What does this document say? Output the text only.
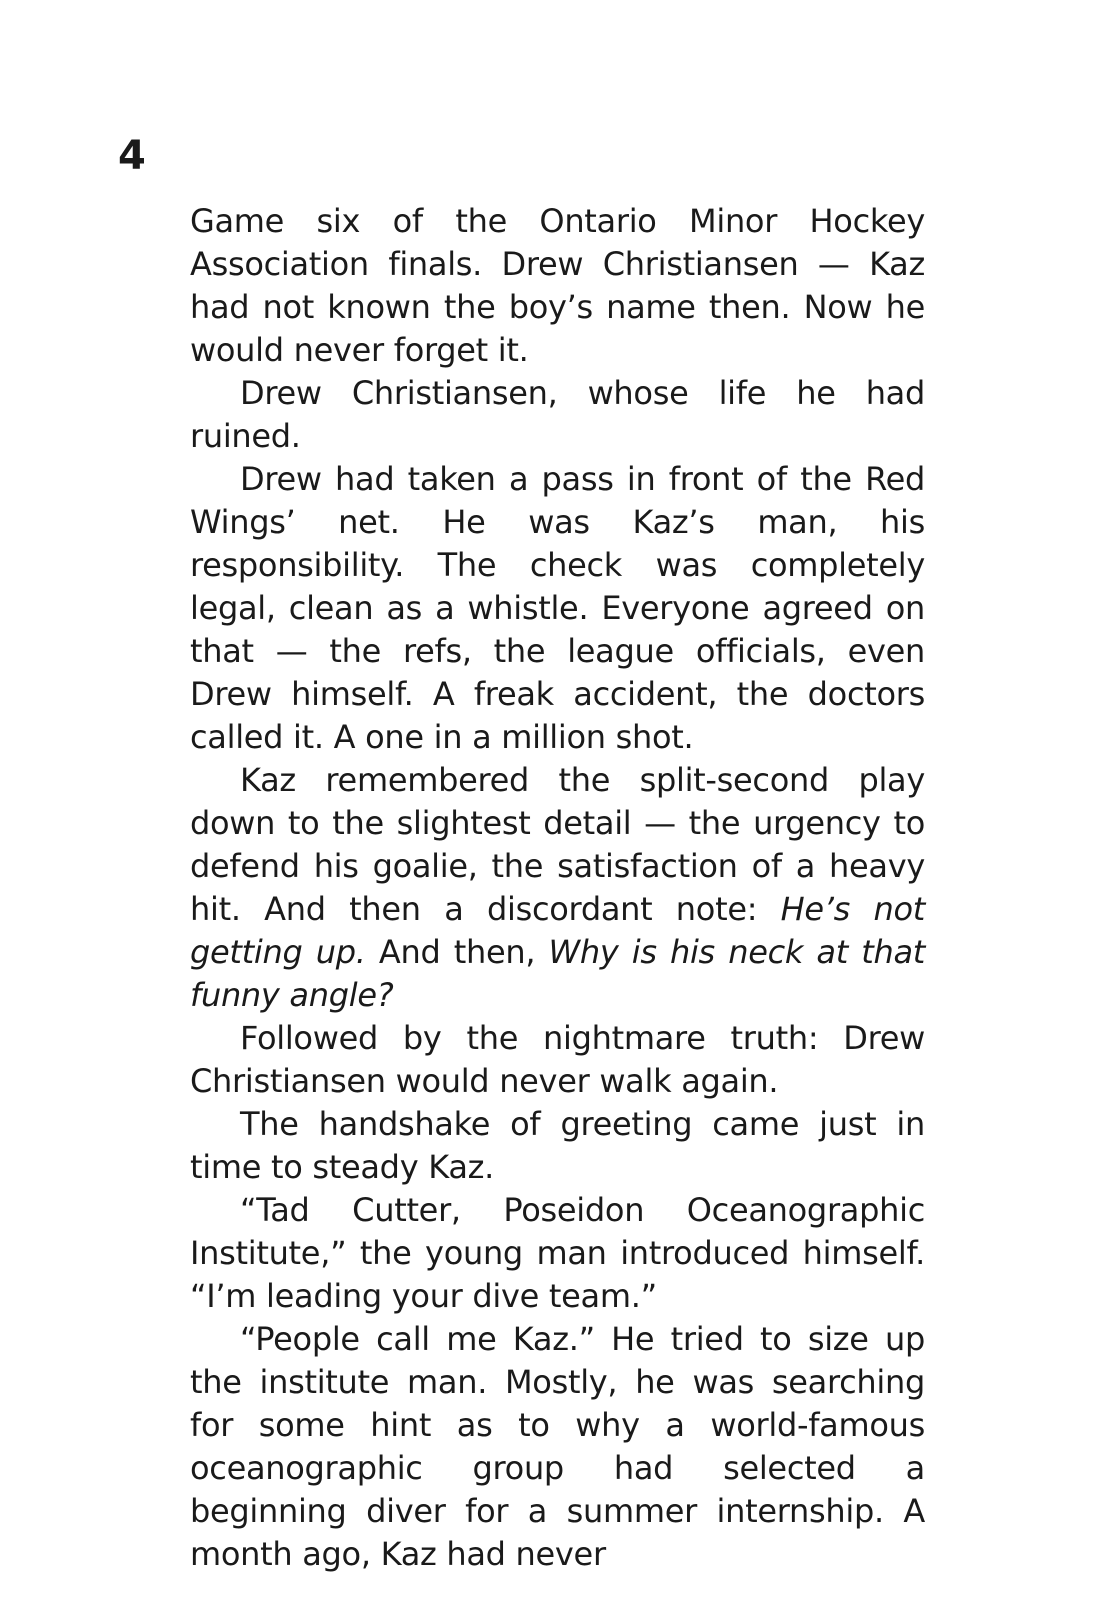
4

Game six of the Ontario Minor Hockey Association finals. Drew Christiansen — Kaz had not known the boy’s name then. Now he would never forget it.

Drew Christiansen, whose life he had ruined.

Drew had taken a pass in front of the Red Wings’ net. He was Kaz’s man, his responsibility. The check was completely legal, clean as a whistle. Everyone agreed on that — the refs, the league officials, even Drew himself. A freak accident, the doctors called it. A one in a million shot.

Kaz remembered the split-second play down to the slightest detail — the urgency to defend his goalie, the satisfaction of a heavy hit. And then a discordant note: He’s not getting up. And then, Why is his neck at that funny angle?

Followed by the nightmare truth: Drew Christiansen would never walk again.

The handshake of greeting came just in time to steady Kaz.

“Tad Cutter, Poseidon Oceanographic Institute,” the young man introduced himself. “I’m leading your dive team.”

“People call me Kaz.” He tried to size up the institute man. Mostly, he was searching for some hint as to why a world-famous oceanographic group had selected a beginning diver for a summer internship. A month ago, Kaz had never
